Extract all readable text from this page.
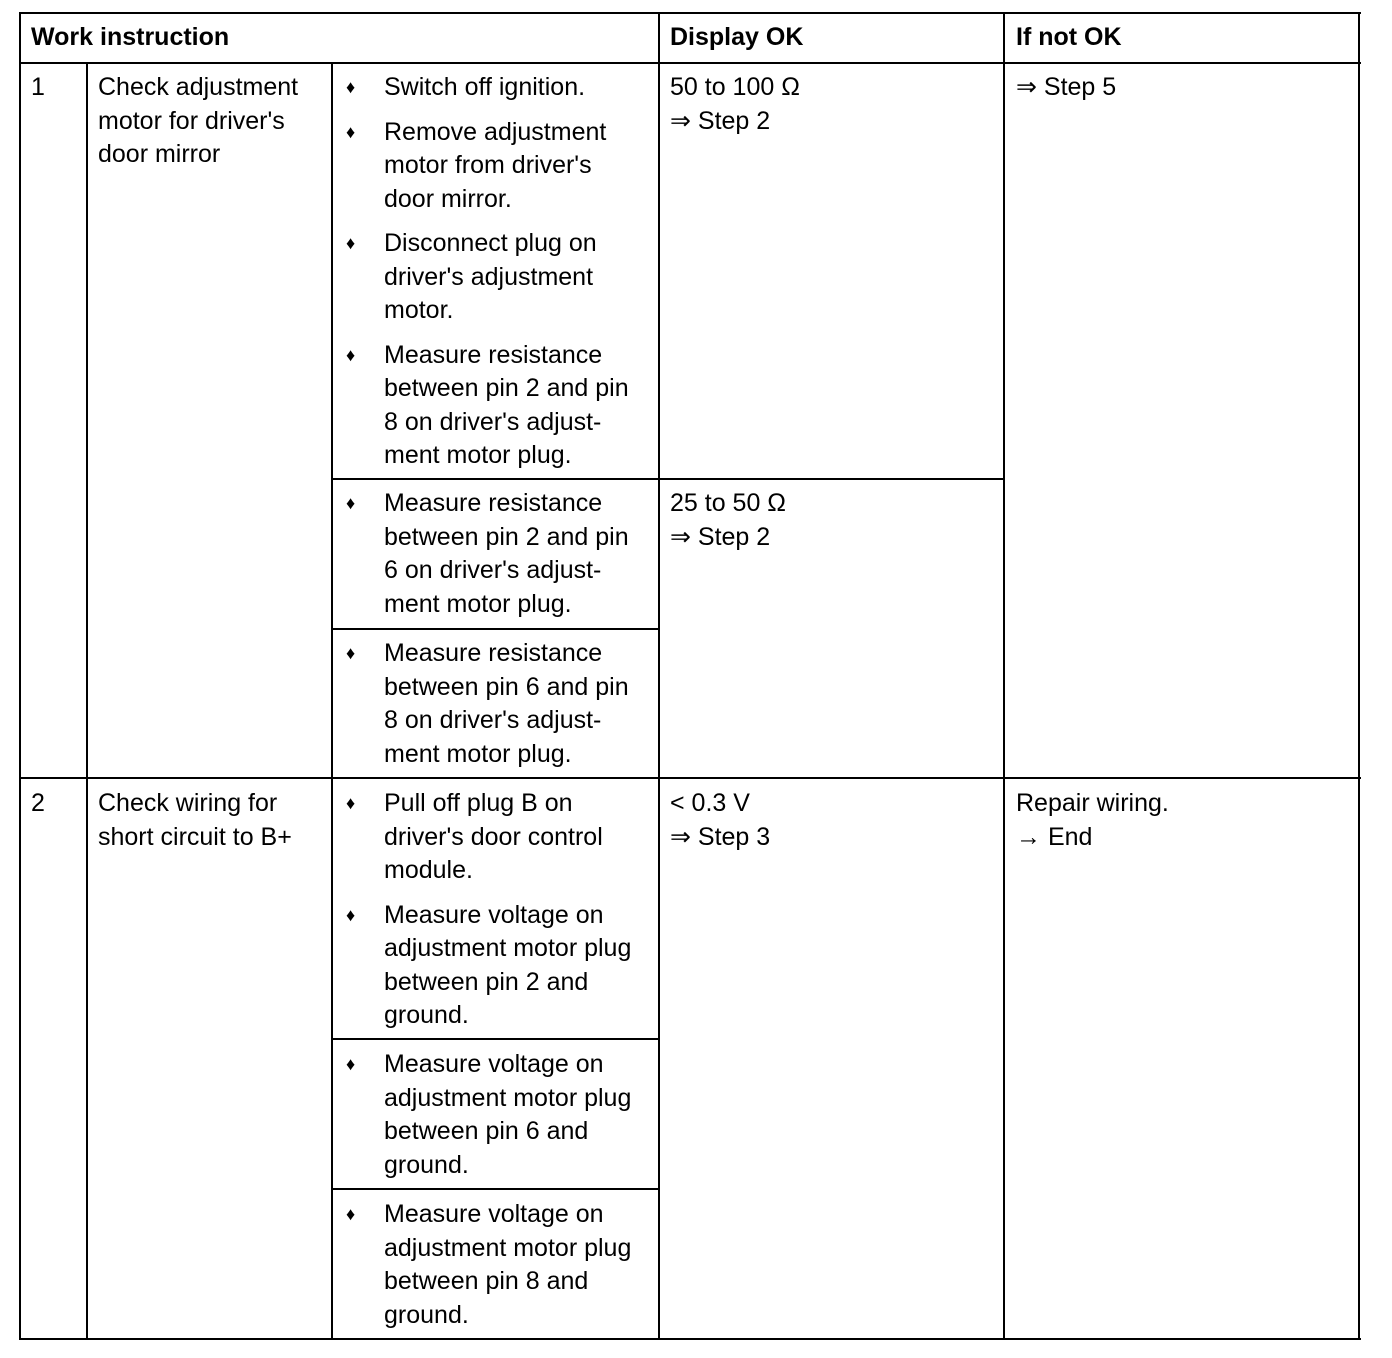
Work instruction	Display OK	If not OK
1 Check adjustment
motor for driver's
door mirror
♦ Switch off ignition.
♦ Remove adjustment
motor from driver's
door mirror.
♦ Disconnect plug on
driver's adjustment
motor.
♦ Measure resistance
between pin 2 and pin
8 on driver's adjust-
ment motor plug.
♦ Measure resistance
between pin 2 and pin
6 on driver's adjust-
ment motor plug.
♦ Measure resistance
between pin 6 and pin
8 on driver's adjust-
ment motor plug.
50 to 100 Ω
⇒ Step 2
25 to 50 Ω
⇒ Step 2
⇒ Step 5
2 Check wiring for
short circuit to B+
♦ Pull off plug B on
driver's door control
module.
♦ Measure voltage on
adjustment motor plug
between pin 2 and
ground.
♦ Measure voltage on
adjustment motor plug
between pin 6 and
ground.
♦ Measure voltage on
adjustment motor plug
between pin 8 and
ground.
< 0.3 V
⇒ Step 3
Repair wiring.
→ End
